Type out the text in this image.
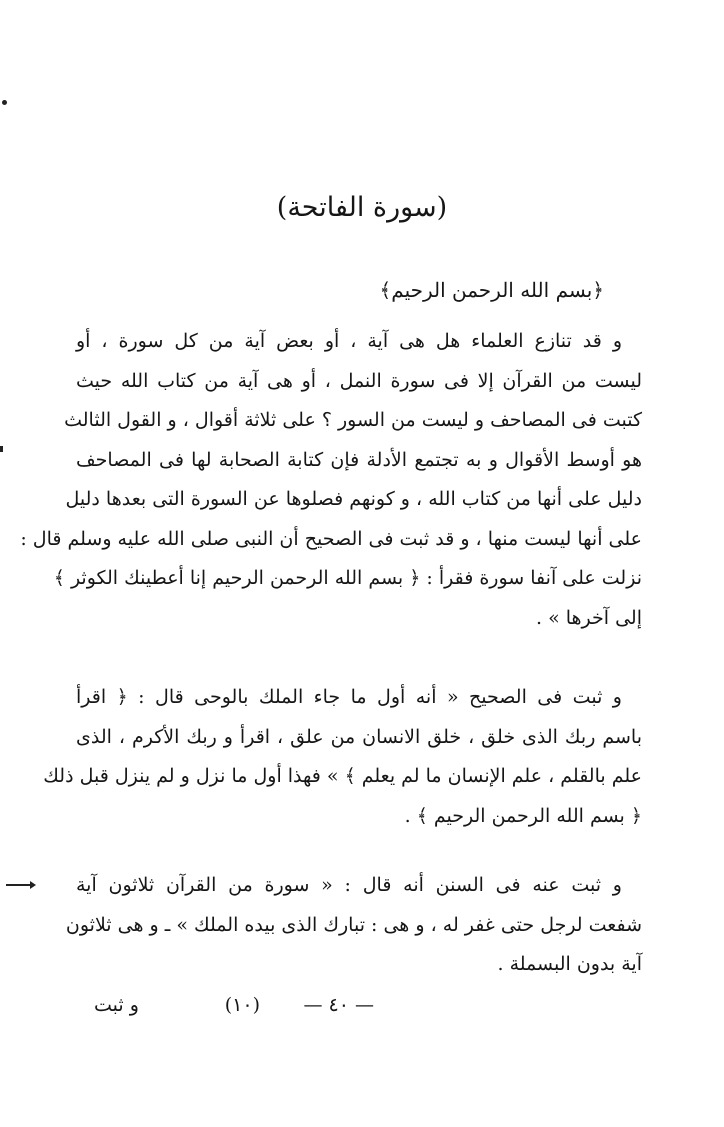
(سورة الفاتحة)
﴿بسم الله الرحمن الرحيم﴾
و قد تنازع العلماء هل هى آية ، أو بعض آية من كل سورة ، أو
ليست من القرآن إلا فى سورة النمل ، أو هى آية من كتاب الله حيث
كتبت فى المصاحف و ليست من السور ؟ على ثلاثة أقوال ، و القول الثالث
هو أوسط الأقوال و به تجتمع الأدلة فإن كتابة الصحابة لها فى المصاحف
دليل على أنها من كتاب الله ، و كونهم فصلوها عن السورة التى بعدها دليل
على أنها ليست منها ، و قد ثبت فى الصحيح أن النبى صلى الله عليه وسلم قال :
نزلت على آنفا سورة فقرأ : ﴿ بسم الله الرحمن الرحيم إنا أعطينك الكوثر ﴾
إلى آخرها » .
و ثبت فى الصحيح « أنه أول ما جاء الملك بالوحى قال : ﴿ اقرأ
باسم ربك الذى خلق ، خلق الانسان من علق ، اقرأ و ربك الأكرم ، الذى
علم بالقلم ، علم الإنسان ما لم يعلم ﴾ » فهذا أول ما نزل و لم ينزل قبل ذلك
﴿ بسم الله الرحمن الرحيم ﴾ .
و ثبت عنه فى السنن أنه قال : « سورة من القرآن ثلاثون آية
شفعت لرجل حتى غفر له ، و هى : تبارك الذى بيده الملك » ـ و هى ثلاثون
آية بدون البسملة .
— ٤٠ —
(١٠)
و ثبت
